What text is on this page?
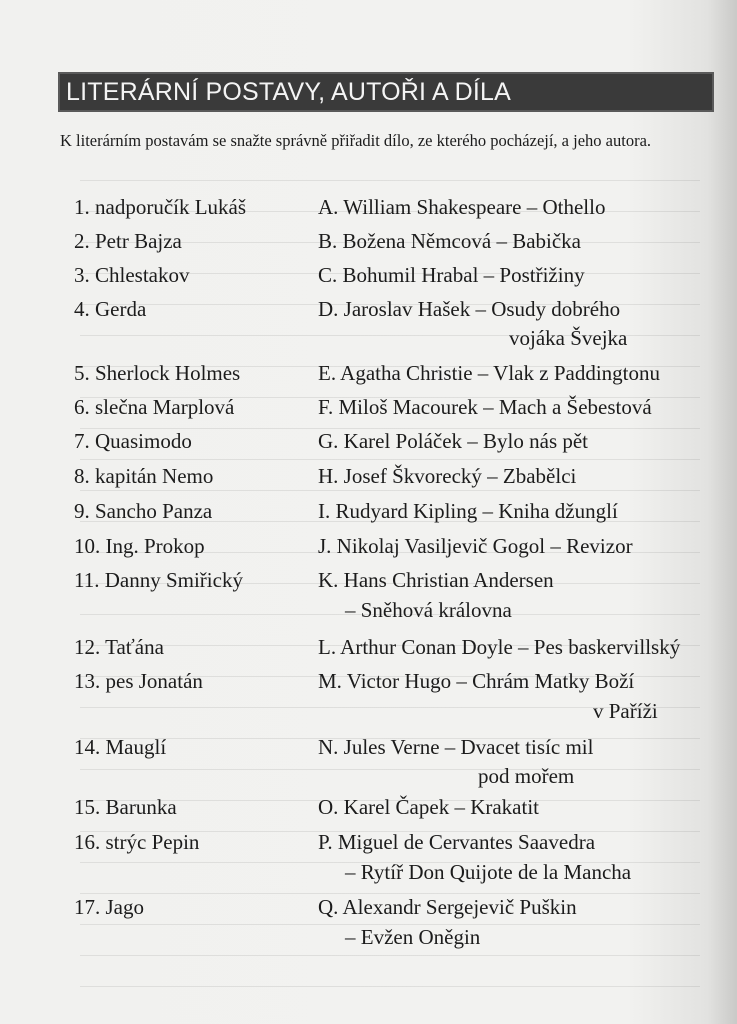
LITERÁRNÍ POSTAVY, AUTOŘI A DÍLA
K literárním postavám se snažte správně přiřadit dílo, ze kterého pocházejí, a jeho autora.
1. nadporučík Lukáš
2. Petr Bajza
3. Chlestakov
4. Gerda
5. Sherlock Holmes
6. slečna Marplová
7. Quasimodo
8. kapitán Nemo
9. Sancho Panza
10. Ing. Prokop
11. Danny Smiřický
12. Taťána
13. pes Jonatán
14. Mauglí
15. Barunka
16. strýc Pepin
17. Jago
A. William Shakespeare – Othello
B. Božena Němcová – Babička
C. Bohumil Hrabal – Postřižiny
D. Jaroslav Hašek – Osudy dobrého
vojáka Švejka
E. Agatha Christie – Vlak z Paddingtonu
F. Miloš Macourek – Mach a Šebestová
G. Karel Poláček – Bylo nás pět
H. Josef Škvorecký – Zbabělci
I. Rudyard Kipling – Kniha džunglí
J. Nikolaj Vasiljevič Gogol – Revizor
K. Hans Christian Andersen
– Sněhová královna
L. Arthur Conan Doyle – Pes baskervillský
M. Victor Hugo – Chrám Matky Boží
v Paříži
N. Jules Verne – Dvacet tisíc mil
pod mořem
O. Karel Čapek – Krakatit
P. Miguel de Cervantes Saavedra
– Rytíř Don Quijote de la Mancha
Q. Alexandr Sergejevič Puškin
– Evžen Oněgin
